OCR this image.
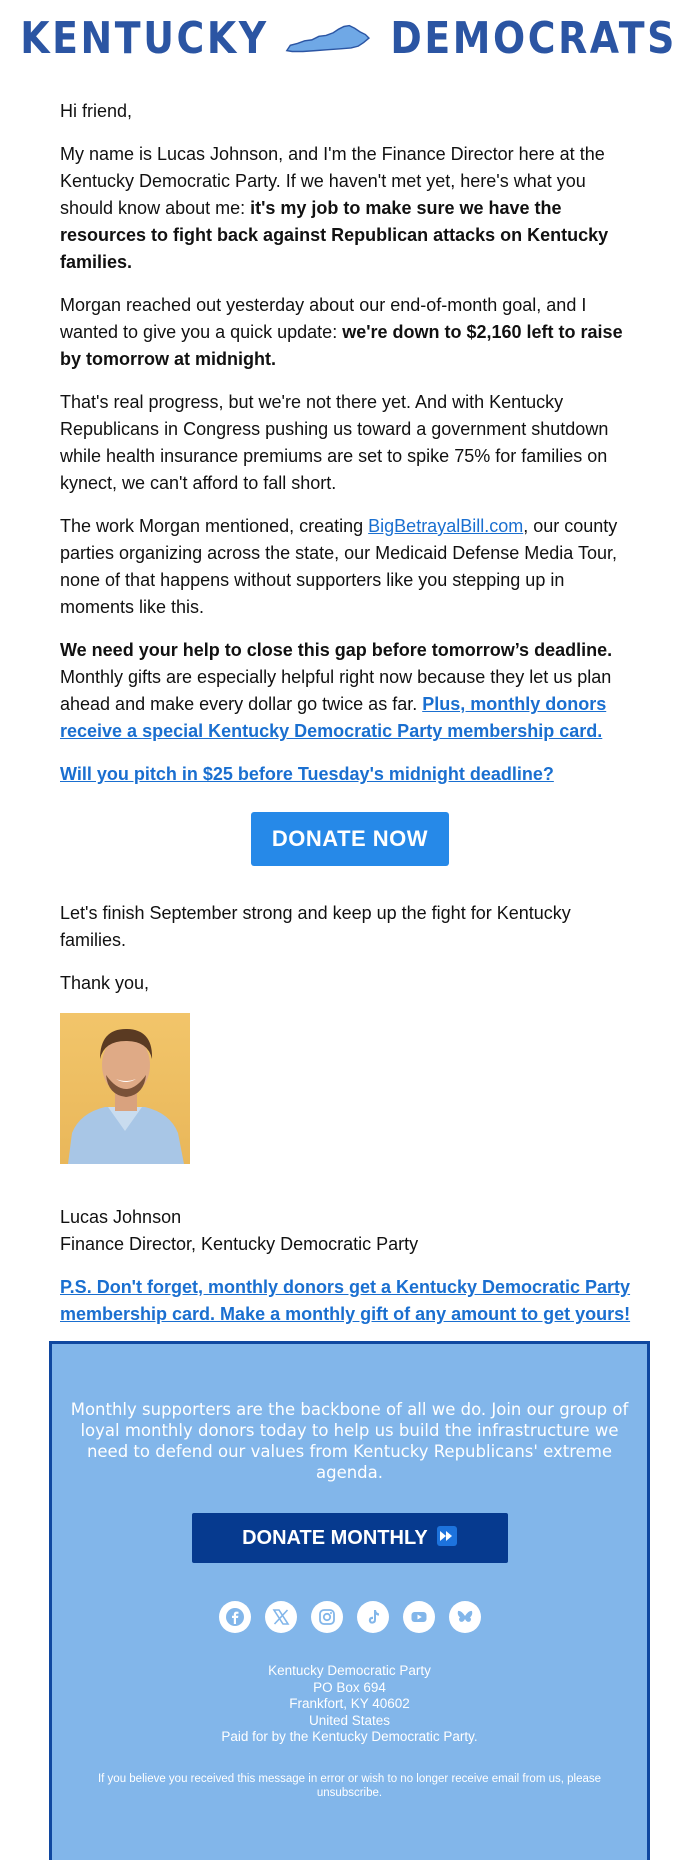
KENTUCKY	DEMOCRATS

Hi friend,

My name is Lucas Johnson, and I'm the Finance Director here at the Kentucky Democratic Party. If we haven't met yet, here's what you should know about me: it's my job to make sure we have the resources to fight back against Republican attacks on Kentucky families.

Morgan reached out yesterday about our end-of-month goal, and I wanted to give you a quick update: we're down to $2,160 left to raise by tomorrow at midnight.

That's real progress, but we're not there yet. And with Kentucky Republicans in Congress pushing us toward a government shutdown while health insurance premiums are set to spike 75% for families on kynect, we can't afford to fall short.

The work Morgan mentioned, creating BigBetrayalBill.com, our county parties organizing across the state, our Medicaid Defense Media Tour, none of that happens without supporters like you stepping up in moments like this.

We need your help to close this gap before tomorrow’s deadline. Monthly gifts are especially helpful right now because they let us plan ahead and make every dollar go twice as far. Plus, monthly donors receive a special Kentucky Democratic Party membership card.

Will you pitch in $25 before Tuesday's midnight deadline?

DONATE NOW

Let's finish September strong and keep up the fight for Kentucky families.

Thank you,

Lucas Johnson

Finance Director, Kentucky Democratic Party

P.S. Don't forget, monthly donors get a Kentucky Democratic Party membership card. Make a monthly gift of any amount to get yours!

Monthly supporters are the backbone of all we do. Join our group of loyal monthly donors today to help us build the infrastructure we need to defend our values from Kentucky Republicans' extreme agenda.

DONATE MONTHLY
Kentucky Democratic Party
PO Box 694
Frankfort, KY 40602
United States
Paid for by the Kentucky Democratic Party.
If you believe you received this message in error or wish to no longer receive email from us, please unsubscribe.
